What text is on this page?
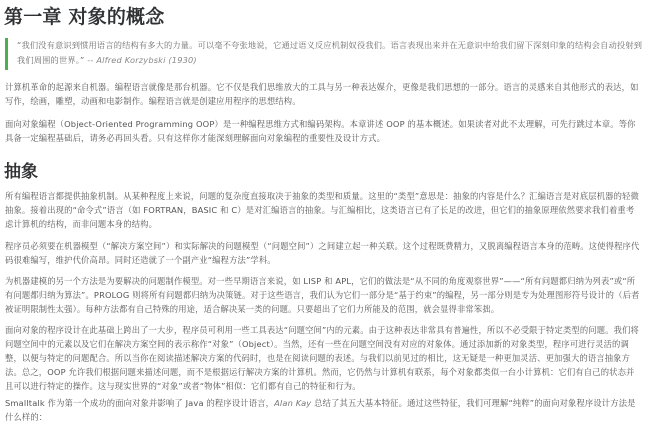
第一章 对象的概念
“我们没有意识到惯用语言的结构有多大的力量。可以毫不夸张地说，它通过语义反应机制奴役我们。语言表现出来并在无意识中给我们留下深刻印象的结构会自动投射到我们周围的世界。” -- Alfred Korzybski (1930)

计算机革命的起源来自机器。编程语言就像是那台机器。它不仅是我们思维放大的工具与另一种表达媒介，更像是我们思想的一部分。语言的灵感来自其他形式的表达，如写作，绘画，雕塑，动画和电影制作。编程语言就是创建应用程序的思想结构。

面向对象编程（Object-Oriented Programming OOP）是一种编程思维方式和编码架构。本章讲述 OOP 的基本概述。如果读者对此不太理解，可先行跳过本章。等你具备一定编程基础后，请务必再回头看。只有这样你才能深刻理解面向对象编程的重要性及设计方式。

抽象

所有编程语言都提供抽象机制。从某种程度上来说，问题的复杂度直接取决于抽象的类型和质量。这里的“类型”意思是：抽象的内容是什么？汇编语言是对底层机器的轻微抽象。接着出现的“命令式”语言（如 FORTRAN，BASIC 和 C）是对汇编语言的抽象。与汇编相比，这类语言已有了长足的改进，但它们的抽象原理依然要求我们着重考虑计算机的结构，而非问题本身的结构。

程序员必须要在机器模型（“解决方案空间”）和实际解决的问题模型（“问题空间”）之间建立起一种关联。这个过程既费精力，又脱离编程语言本身的范畴。这使得程序代码很难编写，维护代价高昂。同时还造就了一个副产业“编程方法”学科。

为机器建模的另一个方法是为要解决的问题制作模型。对一些早期语言来说，如 LISP 和 APL，它们的做法是“从不同的角度观察世界”——“所有问题都归纳为列表”或“所有问题都归纳为算法”。PROLOG 则将所有问题都归纳为决策链。对于这些语言，我们认为它们一部分是“基于约束”的编程，另一部分则是专为处理图形符号设计的（后者被证明限制性太强）。每种方法都有自己特殊的用途，适合解决某一类的问题。只要超出了它们力所能及的范围，就会显得非常笨拙。

面向对象的程序设计在此基础上跨出了一大步，程序员可利用一些工具表达“问题空间”内的元素。由于这种表达非常具有普遍性，所以不必受限于特定类型的问题。我们将问题空间中的元素以及它们在解决方案空间的表示称作“对象”（Object）。当然，还有一些在问题空间没有对应的对象体。通过添加新的对象类型，程序可进行灵活的调整，以便与特定的问题配合。所以当你在阅读描述解决方案的代码时，也是在阅读问题的表述。与我们以前见过的相比，这无疑是一种更加灵活、更加强大的语言抽象方法。总之，OOP 允许我们根据问题来描述问题，而不是根据运行解决方案的计算机。然而，它仍然与计算机有联系，每个对象都类似一台小计算机：它们有自己的状态并且可以进行特定的操作。这与现实世界的“对象”或者“物体”相似：它们都有自己的特征和行为。

Smalltalk 作为第一个成功的面向对象并影响了 Java 的程序设计语言，Alan Kay 总结了其五大基本特征。通过这些特征，我们可理解“纯粹”的面向对象程序设计方法是什么样的：
